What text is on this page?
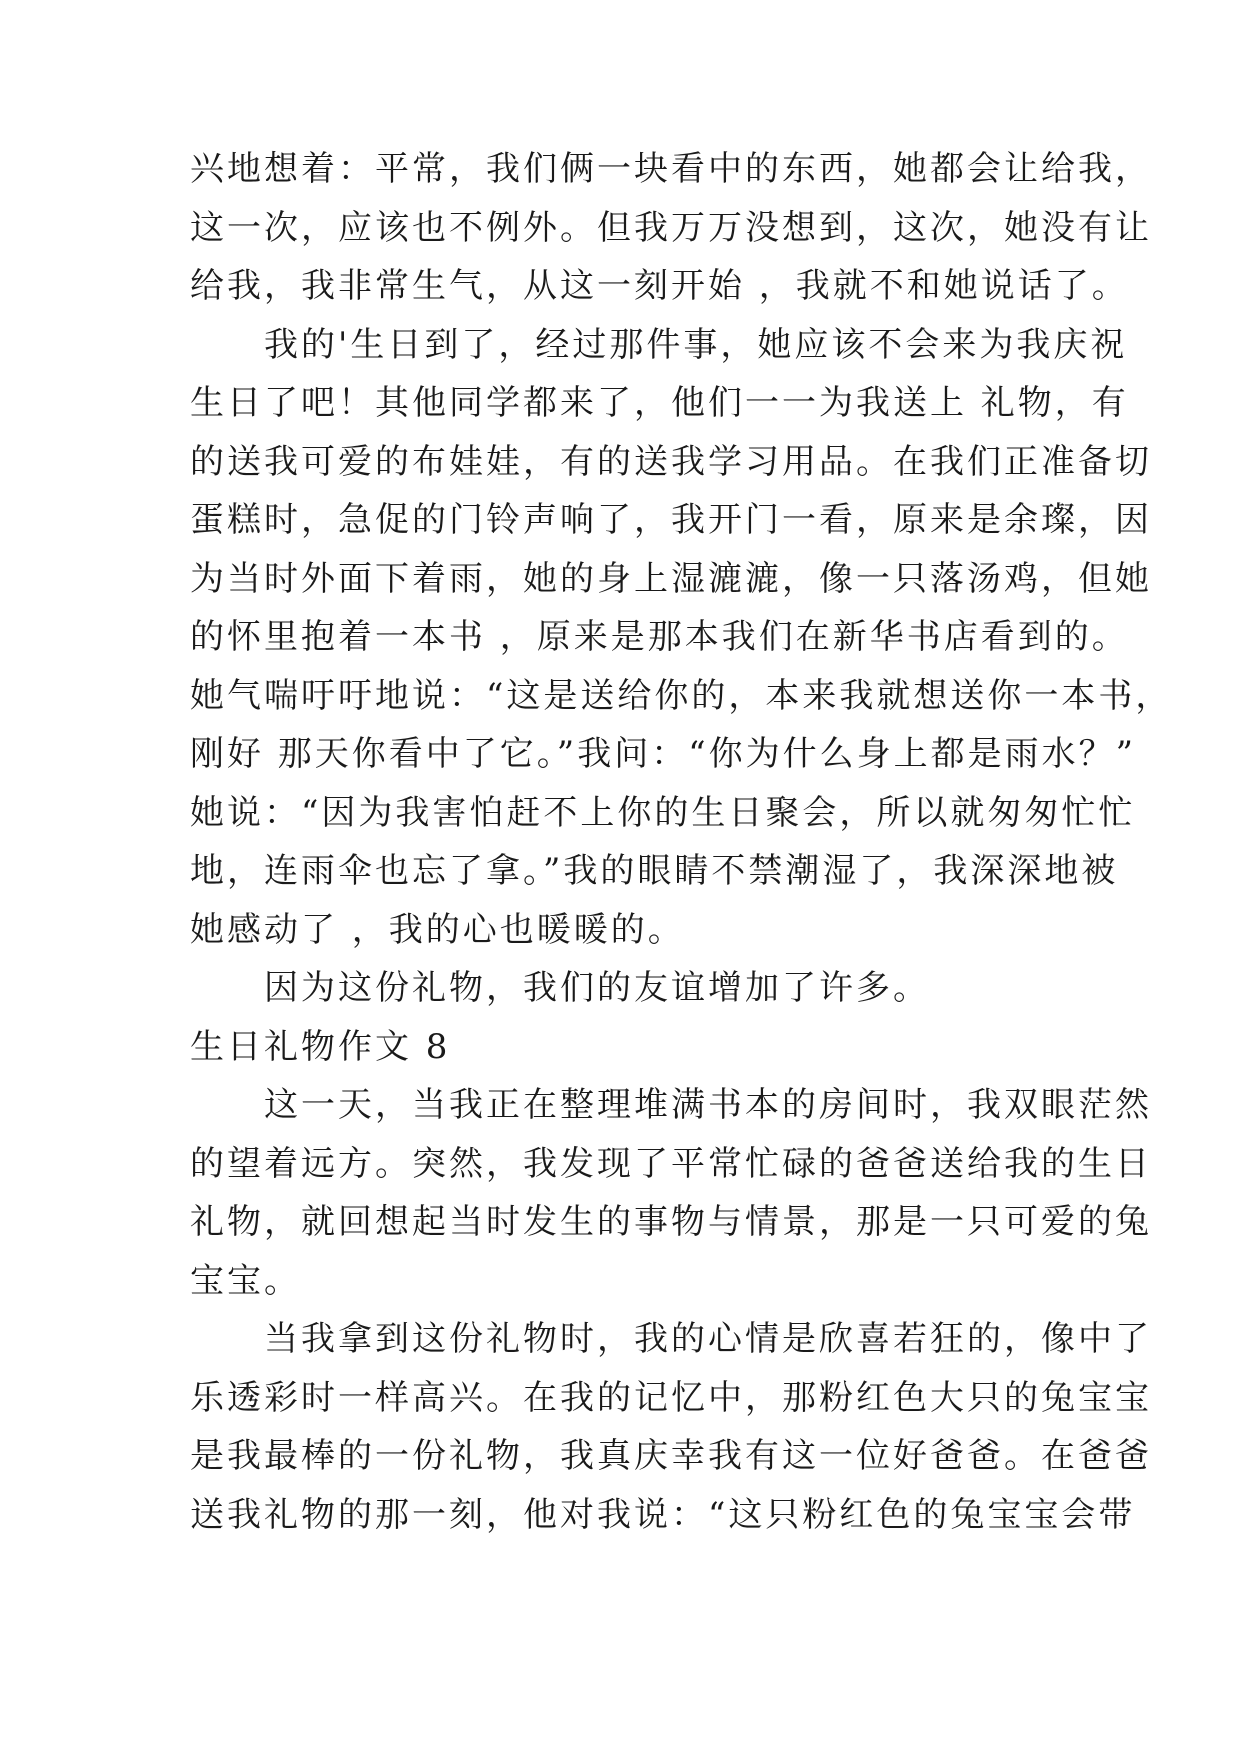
兴地想着：平常，我们俩一块看中的东西，她都会让给我，
这一次，应该也不例外。但我万万没想到，这次，她没有让
给我，我非常生气，从这一刻开始 ，我就不和她说话了。
　　我的'生日到了，经过那件事，她应该不会来为我庆祝
生日了吧！其他同学都来了，他们一一为我送上 礼物，有
的送我可爱的布娃娃，有的送我学习用品。在我们正准备切
蛋糕时，急促的门铃声响了，我开门一看，原来是余璨，因
为当时外面下着雨，她的身上湿漉漉，像一只落汤鸡，但她
的怀里抱着一本书 ，原来是那本我们在新华书店看到的。
她气喘吁吁地说：“这是送给你的，本来我就想送你一本书，
刚好 那天你看中了它。”我问：“你为什么身上都是雨水？”
她说：“因为我害怕赶不上你的生日聚会，所以就匆匆忙忙
地，连雨伞也忘了拿。”我的眼睛不禁潮湿了，我深深地被
她感动了 ，我的心也暖暖的。
　　因为这份礼物，我们的友谊增加了许多。
生日礼物作文 8
　　这一天，当我正在整理堆满书本的房间时，我双眼茫然
的望着远方。突然，我发现了平常忙碌的爸爸送给我的生日
礼物，就回想起当时发生的事物与情景，那是一只可爱的兔
宝宝。
　　当我拿到这份礼物时，我的心情是欣喜若狂的，像中了
乐透彩时一样高兴。在我的记忆中，那粉红色大只的兔宝宝
是我最棒的一份礼物，我真庆幸我有这一位好爸爸。在爸爸
送我礼物的那一刻，他对我说：“这只粉红色的兔宝宝会带
